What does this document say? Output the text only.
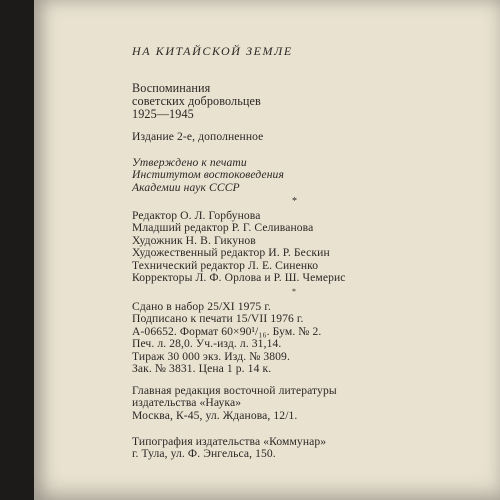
НА КИТАЙСКОЙ ЗЕМЛЕ
Воспоминания
советских добровольцев
1925—1945
Издание 2-е, дополненное
Утверждено к печати
Институтом востоковедения
Академии наук СССР
*
Редактор О. Л. Горбунова
Младший редактор Р. Г. Селиванова
Художник Н. В. Гикунов
Художественный редактор И. Р. Бескин
Технический редактор Л. Е. Синенко
Корректоры Л. Ф. Орлова и Р. Ш. Чемерис
*
Сдано в набор 25/XI 1975 г.
Подписано к печати 15/VII 1976 г.
А-06652. Формат 60×90¹/₁₆. Бум. № 2.
Печ. л. 28,0. Уч.-изд. л. 31,14.
Тираж 30 000 экз. Изд. № 3809.
Зак. № 3831. Цена 1 р. 14 к.
Главная редакция восточной литературы
издательства «Наука»
Москва, К-45, ул. Жданова, 12/1.
Типография издательства «Коммунар»
г. Тула, ул. Ф. Энгельса, 150.
